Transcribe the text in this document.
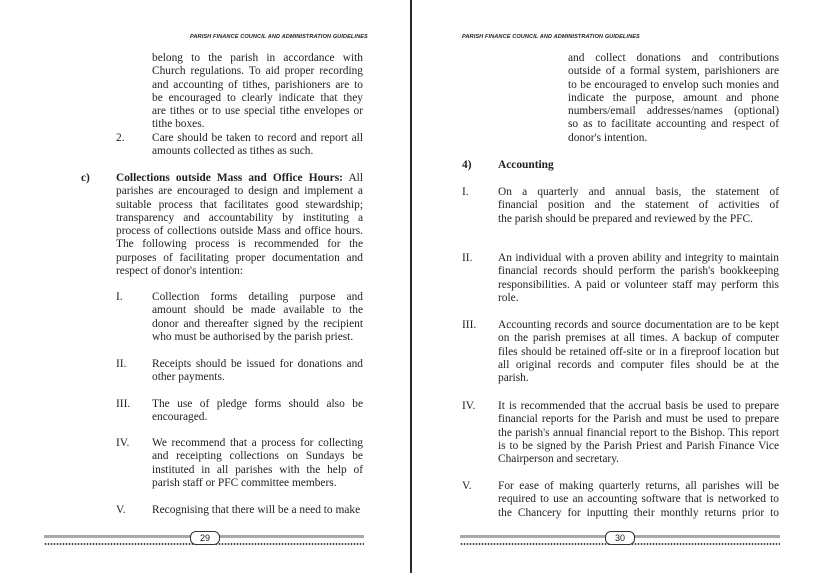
PARISH FINANCE COUNCIL AND ADMINISTRATION GUIDELINES
belong to the parish in accordance with
Church regulations. To aid proper recording
and accounting of tithes, parishioners are to
be encouraged to clearly indicate that they
are tithes or to use special tithe envelopes or
tithe boxes.
2. Care should be taken to record and report all
amounts collected as tithes as such.
c) Collections outside Mass and Office Hours: All
parishes are encouraged to design and implement a
suitable process that facilitates good stewardship;
transparency and accountability by instituting a
process of collections outside Mass and office hours.
The following process is recommended for the
purposes of facilitating proper documentation and
respect of donor's intention:
I.	Collection forms detailing purpose and
amount should be made available to the
donor and thereafter signed by the recipient
who must be authorised by the parish priest.
II. Receipts should be issued for donations and
other payments.
III. The use of pledge forms should also be
encouraged.
IV. We recommend that a process for collecting
and receipting collections on Sundays be
instituted in all parishes with the help of
parish staff or PFC committee members.
V. Recognising that there will be a need to make
29
PARISH FINANCE COUNCIL AND ADMINISTRATION GUIDELINES
and collect donations and contributions
outside of a formal system, parishioners are
to be encouraged to envelop such monies and
indicate the purpose, amount and phone
numbers/email addresses/names (optional)
so as to facilitate accounting and respect of
donor's intention.
4) Accounting
I.	On a quarterly and annual basis, the statement of
financial position and the statement of activities of
the parish should be prepared and reviewed by the PFC.
II. An individual with a proven ability and integrity to maintain
financial records should perform the parish's bookkeeping
responsibilities. A paid or volunteer staff may perform this
role.
III. Accounting records and source documentation are to be kept
on the parish premises at all times. A backup of computer
files should be retained off-site or in a fireproof location but
all original records and computer files should be at the
parish.
IV. It is recommended that the accrual basis be used to prepare
financial reports for the Parish and must be used to prepare
the parish's annual financial report to the Bishop. This report
is to be signed by the Parish Priest and Parish Finance Vice
Chairperson and secretary.
V. For ease of making quarterly returns, all parishes will be
required to use an accounting software that is networked to
the Chancery for inputting their monthly returns prior to
30
